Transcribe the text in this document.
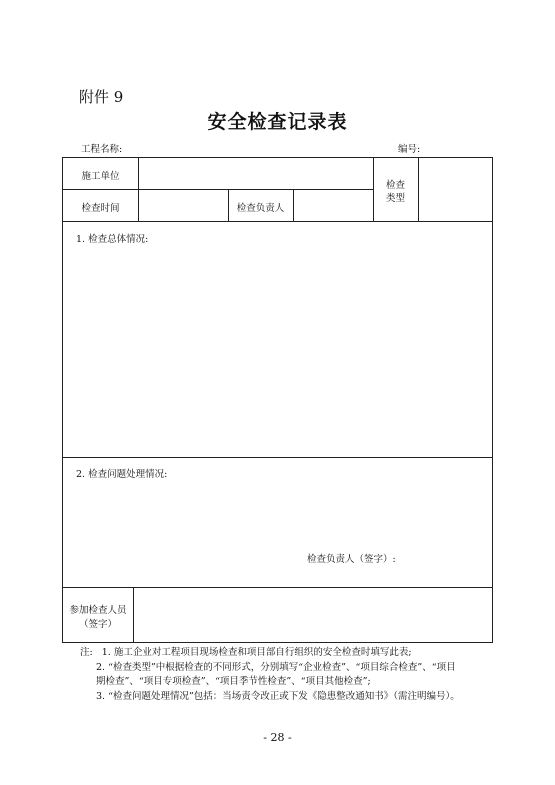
附件 9
安全检查记录表
工程名称:	编号:
施工单位
检查
类型
检查时间	检查负责人
1. 检查总体情况:
2. 检查问题处理情况:
检查负责人（签字）:
参加检查人员
（签字）
注: 1. 施工企业对工程项目现场检查和项目部自行组织的安全检查时填写此表;
2. “检查类型”中根据检查的不同形式，分别填写“企业检查”、“项目综合检查”、“项目
期检查”、“项目专项检查”、“项目季节性检查”、“项目其他检查”;
3. “检查问题处理情况”包括：当场责令改正或下发《隐患整改通知书》（需注明编号）。
- 28 -
